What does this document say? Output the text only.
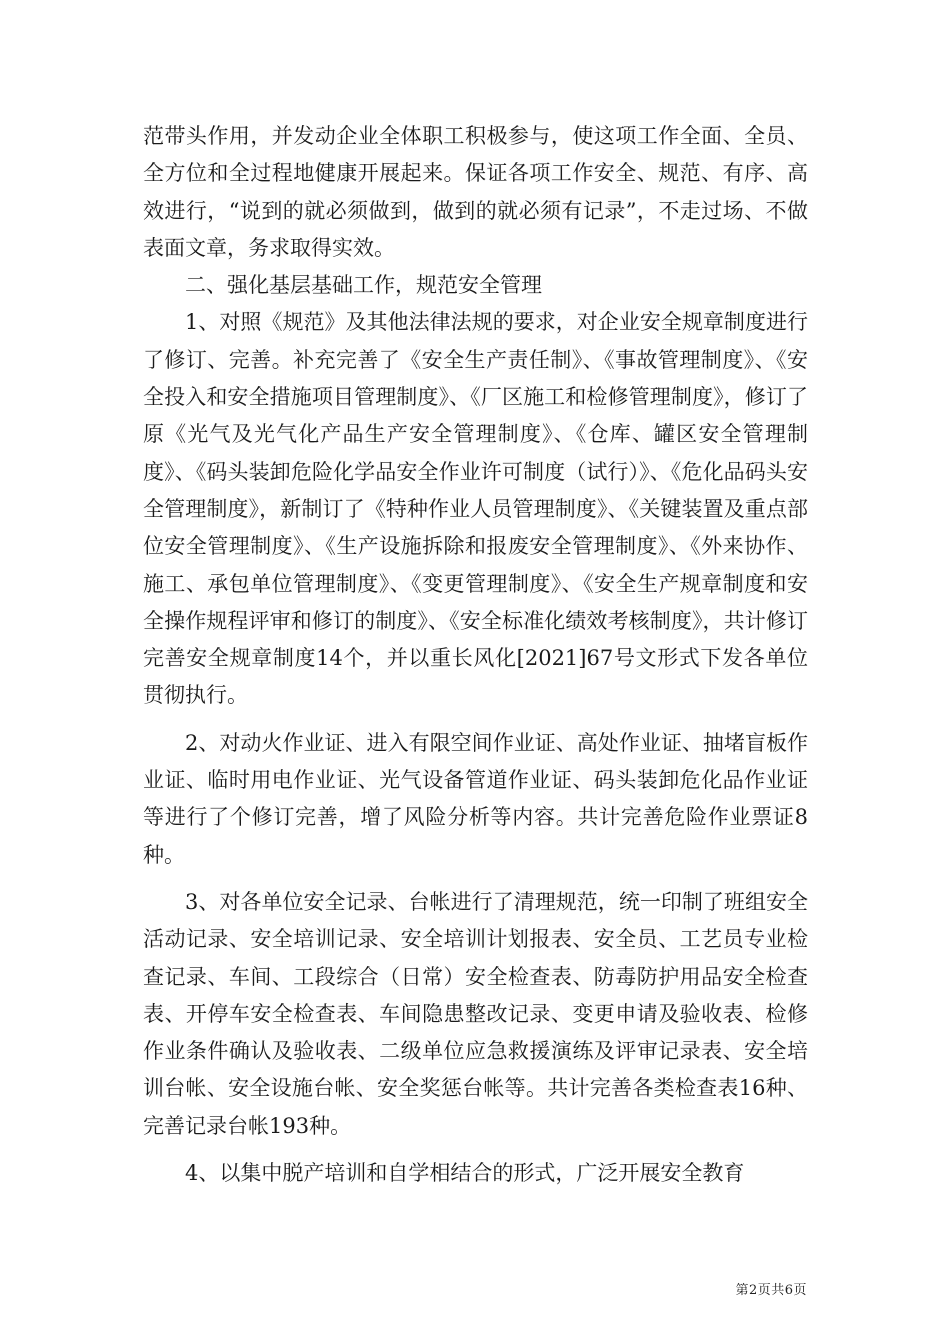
范带头作用，并发动企业全体职工积极参与，使这项工作全面、全员、全方位和全过程地健康开展起来。保证各项工作安全、规范、有序、高效进行，“说到的就必须做到，做到的就必须有记录”，不走过场、不做表面文章，务求取得实效。

二、强化基层基础工作，规范安全管理

1、对照《规范》及其他法律法规的要求，对企业安全规章制度进行了修订、完善。补充完善了《安全生产责任制》、《事故管理制度》、《安全投入和安全措施项目管理制度》、《厂区施工和检修管理制度》，修订了原《光气及光气化产品生产安全管理制度》、《仓库、罐区安全管理制度》、《码头装卸危险化学品安全作业许可制度（试行）》、《危化品码头安全管理制度》，新制订了《特种作业人员管理制度》、《关键装置及重点部位安全管理制度》、《生产设施拆除和报废安全管理制度》、《外来协作、施工、承包单位管理制度》、《变更管理制度》、《安全生产规章制度和安全操作规程评审和修订的制度》、《安全标准化绩效考核制度》，共计修订完善安全规章制度14个，并以重长风化[2021]67号文形式下发各单位贯彻执行。

2、对动火作业证、进入有限空间作业证、高处作业证、抽堵盲板作业证、临时用电作业证、光气设备管道作业证、码头装卸危化品作业证等进行了个修订完善，增了风险分析等内容。共计完善危险作业票证8种。

3、对各单位安全记录、台帐进行了清理规范，统一印制了班组安全活动记录、安全培训记录、安全培训计划报表、安全员、工艺员专业检查记录、车间、工段综合（日常）安全检查表、防毒防护用品安全检查表、开停车安全检查表、车间隐患整改记录、变更申请及验收表、检修作业条件确认及验收表、二级单位应急救援演练及评审记录表、安全培训台帐、安全设施台帐、安全奖惩台帐等。共计完善各类检查表16种、完善记录台帐193种。

4、以集中脱产培训和自学相结合的形式，广泛开展安全教育

第2页共6页
